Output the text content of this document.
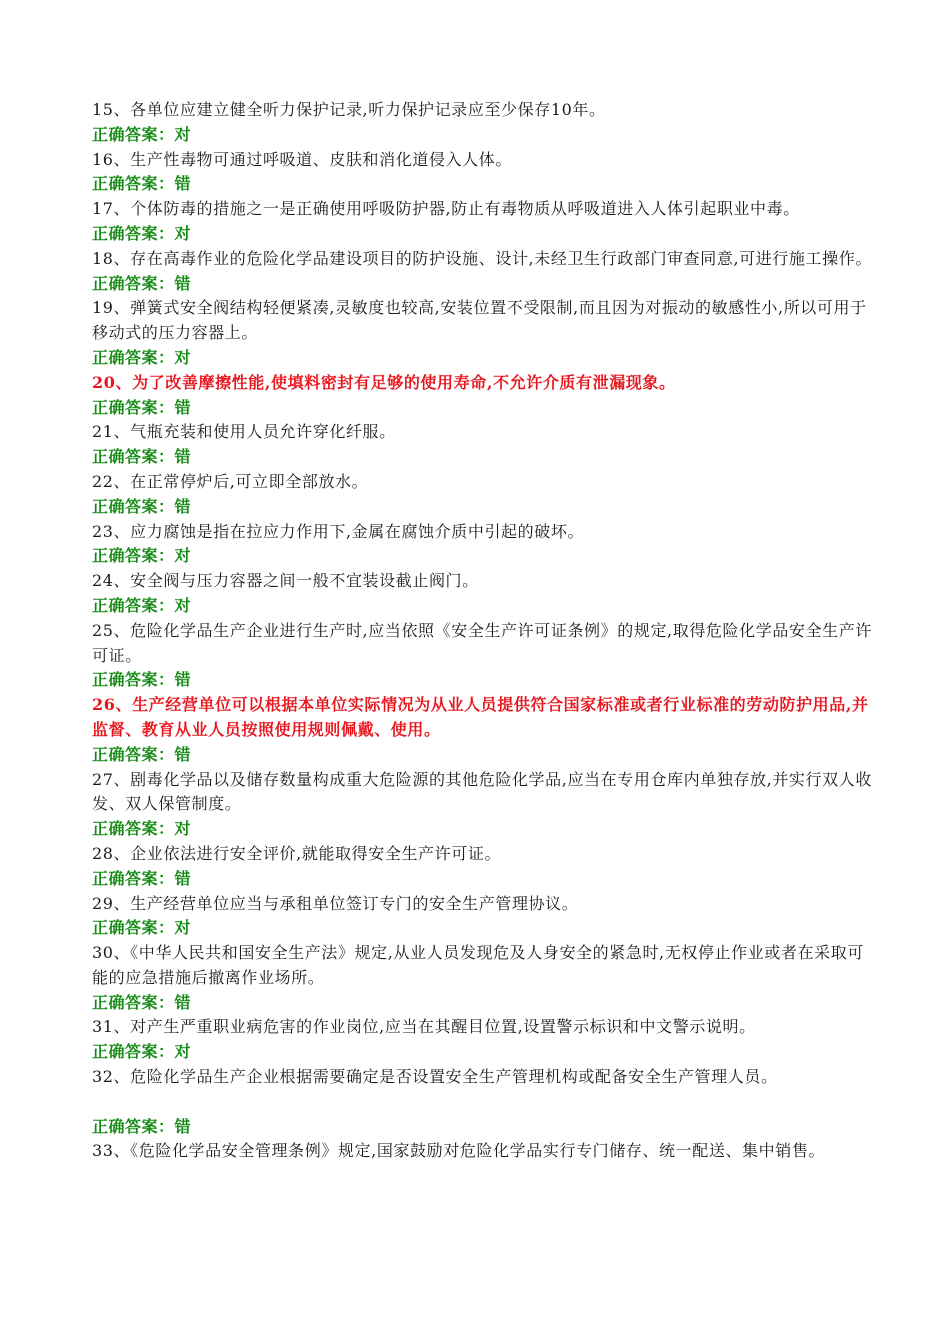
15、各单位应建立健全听力保护记录,听力保护记录应至少保存10年。

正确答案：对

16、生产性毒物可通过呼吸道、皮肤和消化道侵入人体。

正确答案：错

17、个体防毒的措施之一是正确使用呼吸防护器,防止有毒物质从呼吸道进入人体引起职业中毒。

正确答案：对

18、存在高毒作业的危险化学品建设项目的防护设施、设计,未经卫生行政部门审查同意,可进行施工操作。

正确答案：错

19、弹簧式安全阀结构轻便紧凑,灵敏度也较高,安装位置不受限制,而且因为对振动的敏感性小,所以可用于移动式的压力容器上。

正确答案：对

20、为了改善摩擦性能,使填料密封有足够的使用寿命,不允许介质有泄漏现象。

正确答案：错

21、气瓶充装和使用人员允许穿化纤服。

正确答案：错

22、在正常停炉后,可立即全部放水。

正确答案：错

23、应力腐蚀是指在拉应力作用下,金属在腐蚀介质中引起的破坏。

正确答案：对

24、安全阀与压力容器之间一般不宜装设截止阀门。

正确答案：对

25、危险化学品生产企业进行生产时,应当依照《安全生产许可证条例》的规定,取得危险化学品安全生产许可证。

正确答案：错

26、生产经营单位可以根据本单位实际情况为从业人员提供符合国家标准或者行业标准的劳动防护用品,并监督、教育从业人员按照使用规则佩戴、使用。

正确答案：错

27、剧毒化学品以及储存数量构成重大危险源的其他危险化学品,应当在专用仓库内单独存放,并实行双人收发、双人保管制度。

正确答案：对

28、企业依法进行安全评价,就能取得安全生产许可证。

正确答案：错

29、生产经营单位应当与承租单位签订专门的安全生产管理协议。

正确答案：对

30、《中华人民共和国安全生产法》规定,从业人员发现危及人身安全的紧急时,无权停止作业或者在采取可能的应急措施后撤离作业场所。

正确答案：错

31、对产生严重职业病危害的作业岗位,应当在其醒目位置,设置警示标识和中文警示说明。

正确答案：对

32、危险化学品生产企业根据需要确定是否设置安全生产管理机构或配备安全生产管理人员。

正确答案：错

33、《危险化学品安全管理条例》规定,国家鼓励对危险化学品实行专门储存、统一配送、集中销售。
